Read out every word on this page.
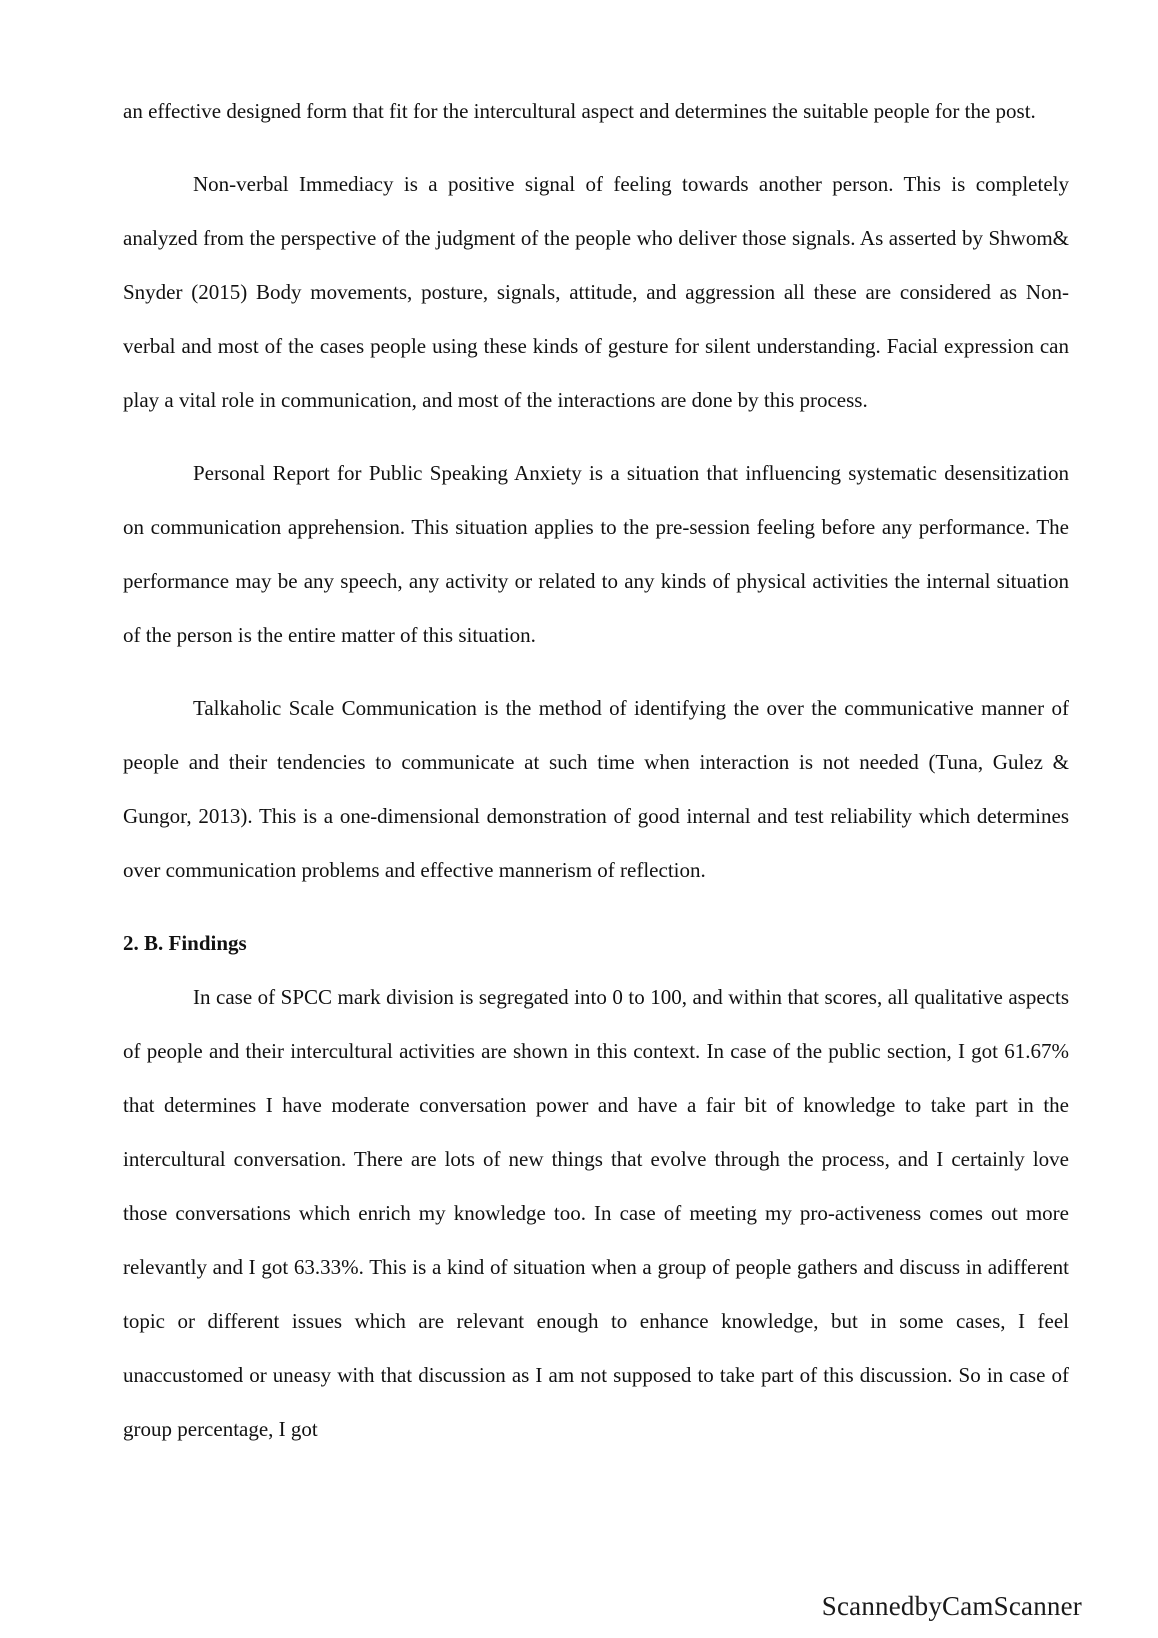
an effective designed form that fit for the intercultural aspect and determines the suitable people for the post.

Non-verbal Immediacy is a positive signal of feeling towards another person. This is completely analyzed from the perspective of the judgment of the people who deliver those signals. As asserted by Shwom& Snyder (2015) Body movements, posture, signals, attitude, and aggression all these are considered as Non-verbal and most of the cases people using these kinds of gesture for silent understanding. Facial expression can play a vital role in communication, and most of the interactions are done by this process.

Personal Report for Public Speaking Anxiety is a situation that influencing systematic desensitization on communication apprehension. This situation applies to the pre-session feeling before any performance. The performance may be any speech, any activity or related to any kinds of physical activities the internal situation of the person is the entire matter of this situation.

Talkaholic Scale Communication is the method of identifying the over the communicative manner of people and their tendencies to communicate at such time when interaction is not needed (Tuna, Gulez & Gungor, 2013). This is a one-dimensional demonstration of good internal and test reliability which determines over communication problems and effective mannerism of reflection.

2. B. Findings

In case of SPCC mark division is segregated into 0 to 100, and within that scores, all qualitative aspects of people and their intercultural activities are shown in this context. In case of the public section, I got 61.67% that determines I have moderate conversation power and have a fair bit of knowledge to take part in the intercultural conversation. There are lots of new things that evolve through the process, and I certainly love those conversations which enrich my knowledge too. In case of meeting my pro-activeness comes out more relevantly and I got 63.33%. This is a kind of situation when a group of people gathers and discuss in adifferent topic or different issues which are relevant enough to enhance knowledge, but in some cases, I feel unaccustomed or uneasy with that discussion as I am not supposed to take part of this discussion. So in case of group percentage, I got

ScannedbyCamScanner
